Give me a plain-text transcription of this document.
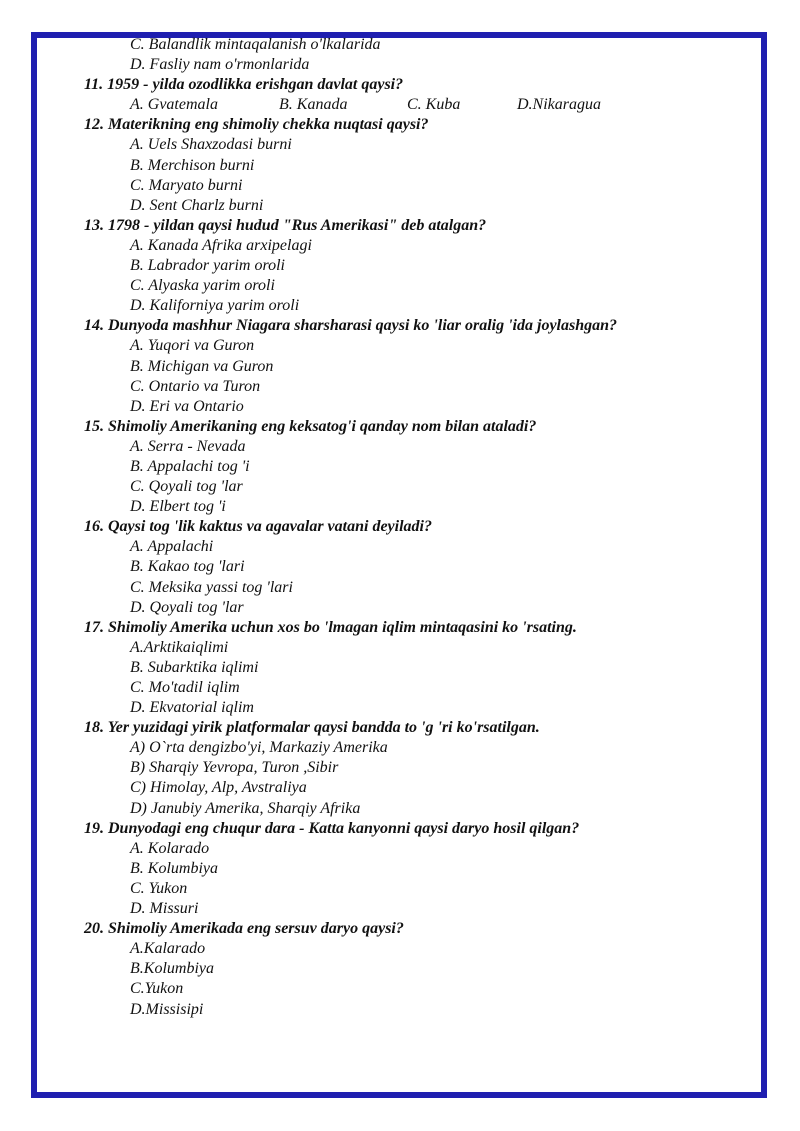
C. Balandlik mintaqalanish o'lkalarida
D. Fasliy nam o'rmonlarida
11. 1959 - yilda ozodlikka erishgan davlat qaysi?
A. Gvatemala	B. Kanada	C. Kuba	D.Nikaragua
12. Materikning eng shimoliy chekka nuqtasi qaysi?
A. Uels Shaxzodasi burni
B. Merchison burni
C. Maryato burni
D. Sent Charlz burni
13. 1798 - yildan qaysi hudud "Rus Amerikasi" deb atalgan?
A. Kanada Afrika arxipelagi
B. Labrador yarim oroli
C. Alyaska yarim oroli
D. Kaliforniya yarim oroli
14. Dunyoda mashhur Niagara sharsharasi qaysi ko 'liar oralig 'ida joylashgan?
A. Yuqori va Guron
B. Michigan va Guron
C. Ontario va Turon
D. Eri va Ontario
15. Shimoliy Amerikaning eng keksatog'i qanday nom bilan ataladi?
A. Serra - Nevada
B. Appalachi tog 'i
C. Qoyali tog 'lar
D. Elbert tog 'i
16. Qaysi tog 'lik kaktus va agavalar vatani deyiladi?
A. Appalachi
B. Kakao tog 'lari
C. Meksika yassi tog 'lari
D. Qoyali tog 'lar
17. Shimoliy Amerika uchun xos bo 'lmagan iqlim mintaqasini ko 'rsating.
A.Arktikaiqlimi
B. Subarktika iqlimi
C. Mo'tadil iqlim
D. Ekvatorial iqlim
18. Yer yuzidagi yirik platformalar qaysi bandda to 'g 'ri ko'rsatilgan.
A) O`rta dengizbo'yi, Markaziy Amerika
B) Sharqiy Yevropa, Turon ,Sibir
C) Himolay, Alp, Avstraliya
D) Janubiy Amerika, Sharqiy Afrika
19. Dunyodagi eng chuqur dara - Katta kanyonni qaysi daryo hosil qilgan?
A. Kolarado
B. Kolumbiya
C. Yukon
D. Missuri
20. Shimoliy Amerikada eng sersuv daryo qaysi?
A.Kalarado
B.Kolumbiya
C.Yukon
D.Missisipi
